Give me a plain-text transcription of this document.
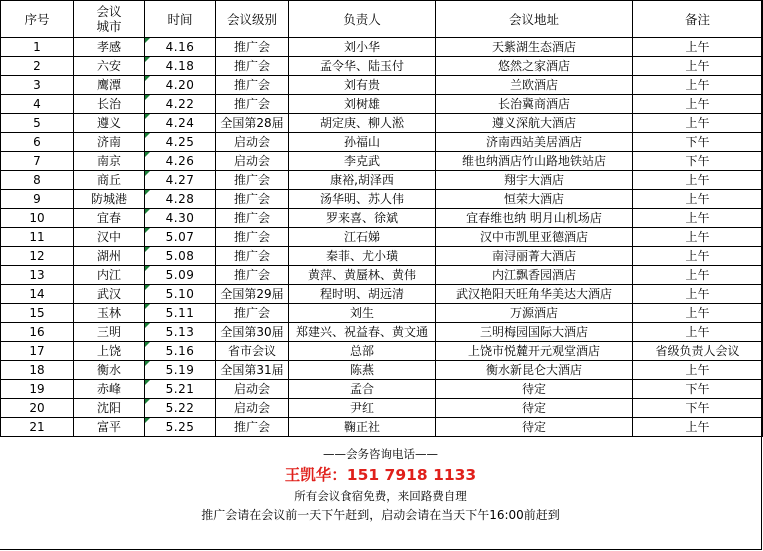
序号	会议城市	时间	会议级别	负责人	会议地址	备注
1	孝感	4.16	推广会	刘小华	天紫湖生态酒店	上午
2	六安	4.18	推广会	孟令华、陆玉付	悠然之家酒店	上午
3	鹰潭	4.20	推广会	刘有贵	兰欧酒店	上午
4	长治	4.22	推广会	刘树雄	长治冀商酒店	上午
5	遵义	4.24	全国第28届	胡定庚、柳人淞	遵义深航大酒店	上午
6	济南	4.25	启动会	孙福山	济南西站美居酒店	下午
7	南京	4.26	启动会	李克武	维也纳酒店竹山路地铁站店	下午
8	商丘	4.27	推广会	康裕,胡泽西	翔宇大酒店	上午
9	防城港	4.28	推广会	汤华明、苏人伟	恒荣大酒店	上午
10	宜春	4.30	推广会	罗来喜、徐斌	宜春维也纳 明月山机场店	上午
11	汉中	5.07	推广会	江石娣	汉中市凯里亚德酒店	上午
12	湖州	5.08	推广会	秦菲、尤小璜	南浔丽菁大酒店	上午
13	内江	5.09	推广会	黄萍、黄蜃林、黄伟	内江飘香园酒店	上午
14	武汉	5.10	全国第29届	程时明、胡远清	武汉艳阳天旺角华美达大酒店	上午
15	玉林	5.11	推广会	刘生	万源酒店	上午
16	三明	5.13	全国第30届	郑建兴、祝益春、黄文通	三明梅园国际大酒店	上午
17	上饶	5.16	省市会议	总部	上饶市悦麓开元观堂酒店	省级负责人会议
18	衡水	5.19	全国第31届	陈燕	衡水新昆仑大酒店	上午
19	赤峰	5.21	启动会	孟合	待定	下午
20	沈阳	5.22	启动会	尹红	待定	下午
21	富平	5.25	推广会	鞠正社	待定	上午
——会务咨询电话——
王凯华：151 7918 1133
所有会议食宿免费，来回路费自理
推广会请在会议前一天下午赶到，启动会请在当天下午16:00前赶到
